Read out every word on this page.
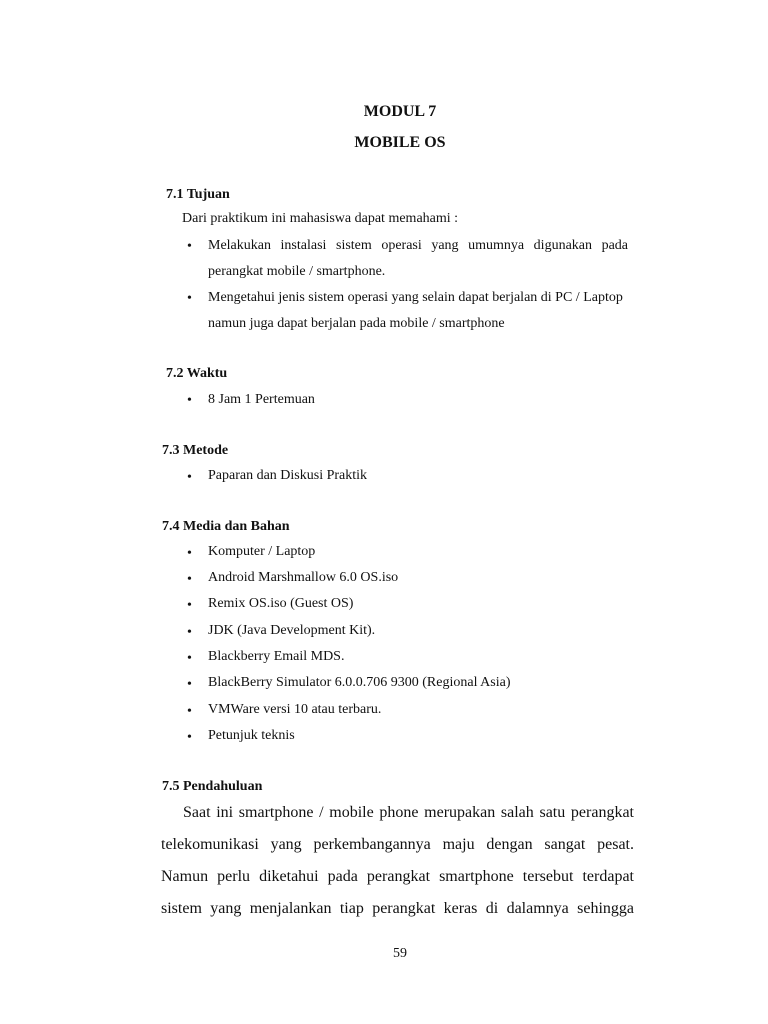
MODUL 7
MOBILE OS
7.1 Tujuan

Dari praktikum ini mahasiswa dapat memahami :

• Melakukan instalasi sistem operasi yang umumnya digunakan pada
perangkat mobile / smartphone.
• Mengetahui jenis sistem operasi yang selain dapat berjalan di PC / Laptop
namun juga dapat berjalan pada mobile / smartphone
7.2 Waktu
• 8 Jam 1 Pertemuan
7.3 Metode
• Paparan dan Diskusi Praktik
7.4 Media dan Bahan
• Komputer / Laptop
• Android Marshmallow 6.0 OS.iso
• Remix OS.iso (Guest OS)
• JDK (Java Development Kit).
• Blackberry Email MDS.
• BlackBerry Simulator 6.0.0.706 9300 (Regional Asia)
• VMWare versi 10 atau terbaru.
• Petunjuk teknis
7.5 Pendahuluan
Saat ini smartphone / mobile phone merupakan salah satu perangkat
telekomunikasi yang perkembangannya maju dengan sangat pesat.
Namun perlu diketahui pada perangkat smartphone tersebut terdapat
sistem yang menjalankan tiap perangkat keras di dalamnya sehingga

59
